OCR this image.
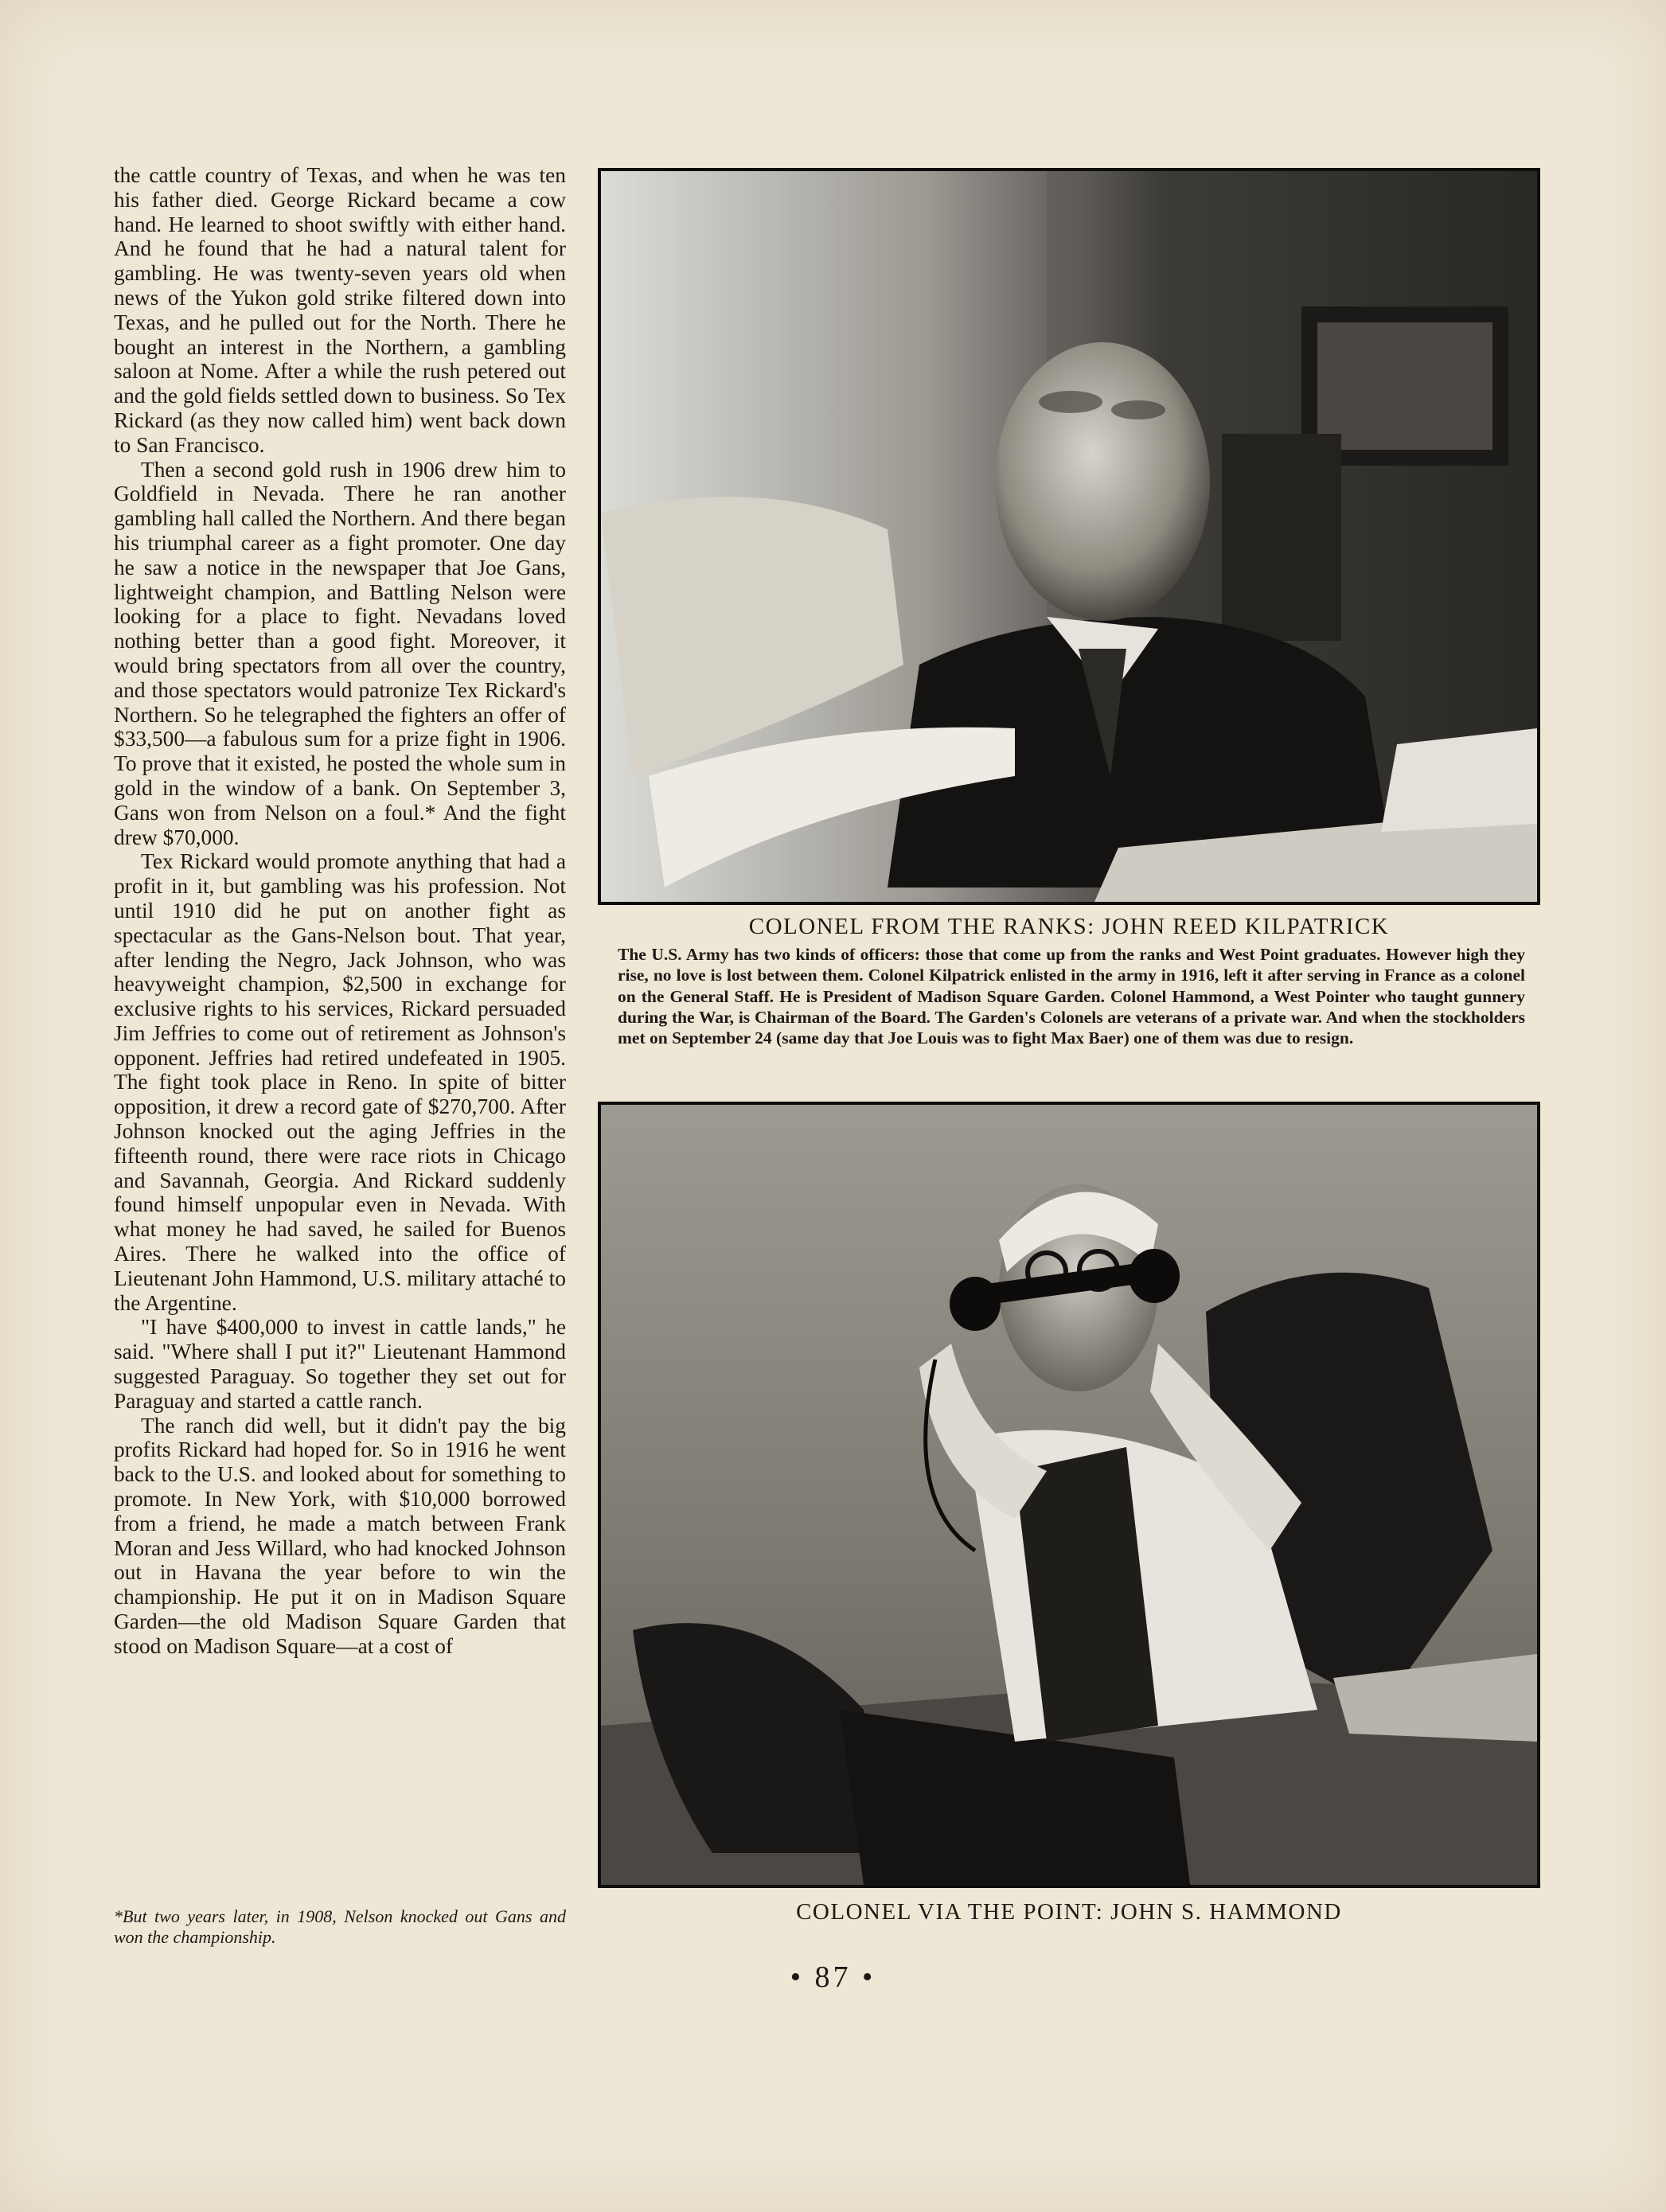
the cattle country of Texas, and when he was ten his father died. George Rickard became a cow hand. He learned to shoot swiftly with either hand. And he found that he had a natural talent for gambling. He was twenty-seven years old when news of the Yukon gold strike filtered down into Texas, and he pulled out for the North. There he bought an interest in the Northern, a gambling saloon at Nome. After a while the rush petered out and the gold fields settled down to business. So Tex Rickard (as they now called him) went back down to San Francisco.

Then a second gold rush in 1906 drew him to Goldfield in Nevada. There he ran another gambling hall called the Northern. And there began his triumphal career as a fight promoter. One day he saw a notice in the newspaper that Joe Gans, lightweight champion, and Battling Nelson were looking for a place to fight. Nevadans loved nothing better than a good fight. Moreover, it would bring spectators from all over the country, and those spectators would patronize Tex Rickard's Northern. So he telegraphed the fighters an offer of $33,500—a fabulous sum for a prize fight in 1906. To prove that it existed, he posted the whole sum in gold in the window of a bank. On September 3, Gans won from Nelson on a foul.* And the fight drew $70,000.

Tex Rickard would promote anything that had a profit in it, but gambling was his profession. Not until 1910 did he put on another fight as spectacular as the Gans-Nelson bout. That year, after lending the Negro, Jack Johnson, who was heavyweight champion, $2,500 in exchange for exclusive rights to his services, Rickard persuaded Jim Jeffries to come out of retirement as Johnson's opponent. Jeffries had retired undefeated in 1905. The fight took place in Reno. In spite of bitter opposition, it drew a record gate of $270,700. After Johnson knocked out the aging Jeffries in the fifteenth round, there were race riots in Chicago and Savannah, Georgia. And Rickard suddenly found himself unpopular even in Nevada. With what money he had saved, he sailed for Buenos Aires. There he walked into the office of Lieutenant John Hammond, U.S. military attaché to the Argentine.

"I have $400,000 to invest in cattle lands," he said. "Where shall I put it?" Lieutenant Hammond suggested Paraguay. So together they set out for Paraguay and started a cattle ranch.

The ranch did well, but it didn't pay the big profits Rickard had hoped for. So in 1916 he went back to the U.S. and looked about for something to promote. In New York, with $10,000 borrowed from a friend, he made a match between Frank Moran and Jess Willard, who had knocked Johnson out in Havana the year before to win the championship. He put it on in Madison Square Garden—the old Madison Square Garden that stood on Madison Square—at a cost of

*But two years later, in 1908, Nelson knocked out Gans and won the championship.
COLONEL FROM THE RANKS: JOHN REED KILPATRICK
The U.S. Army has two kinds of officers: those that come up from the ranks and West Point graduates. However high they rise, no love is lost between them. Colonel Kilpatrick enlisted in the army in 1916, left it after serving in France as a colonel on the General Staff. He is President of Madison Square Garden. Colonel Hammond, a West Pointer who taught gunnery during the War, is Chairman of the Board. The Garden's Colonels are veterans of a private war. And when the stockholders met on September 24 (same day that Joe Louis was to fight Max Baer) one of them was due to resign.
COLONEL VIA THE POINT: JOHN S. HAMMOND
• 87 •
